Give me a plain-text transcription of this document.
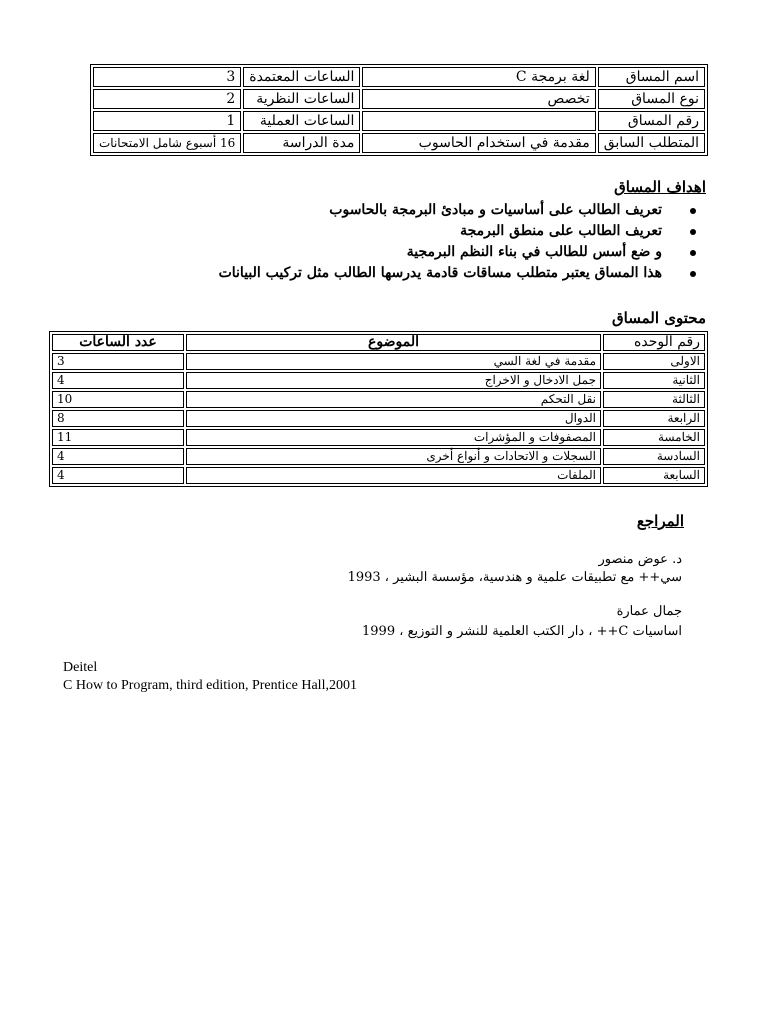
اسم المساق	لغة برمجة C	الساعات المعتمدة	3
نوع المساق	تخصص	الساعات النظرية	2
رقم المساق		الساعات العملية	1
المتطلب السابق	مقدمة في استخدام الحاسوب	مدة الدراسة	16 أسبوع شامل الامتحانات
اهداف المساق
تعريف الطالب على أساسيات و مبادئ البرمجة بالحاسوب
تعريف الطالب على منطق البرمجة
و ضع أسس للطالب في بناء النظم البرمجية
هذا المساق يعتبر متطلب مساقات قادمة يدرسها الطالب مثل تركيب البيانات
محتوى المساق
رقم الوحده	الموضوع	عدد الساعات
الاولى	مقدمة في لغة السي	3
الثانية	جمل الادخال و الاخراج	4
الثالثة	نقل التحكم	10
الرابعة	الدوال	8
الخامسة	المصفوفات و المؤشرات	11
السادسة	السجلات و الاتحادات و أنواع أخرى	4
السابعة	الملفات	4
المراجع
د. عوض منصور
سي++ مع تطبيقات علمية و هندسية، مؤسسة البشير ، 1993
جمال عمارة
اساسيات C++ ، دار الكتب العلمية للنشر و التوزيع ، 1999
Deitel
C How to Program, third edition, Prentice Hall,2001
